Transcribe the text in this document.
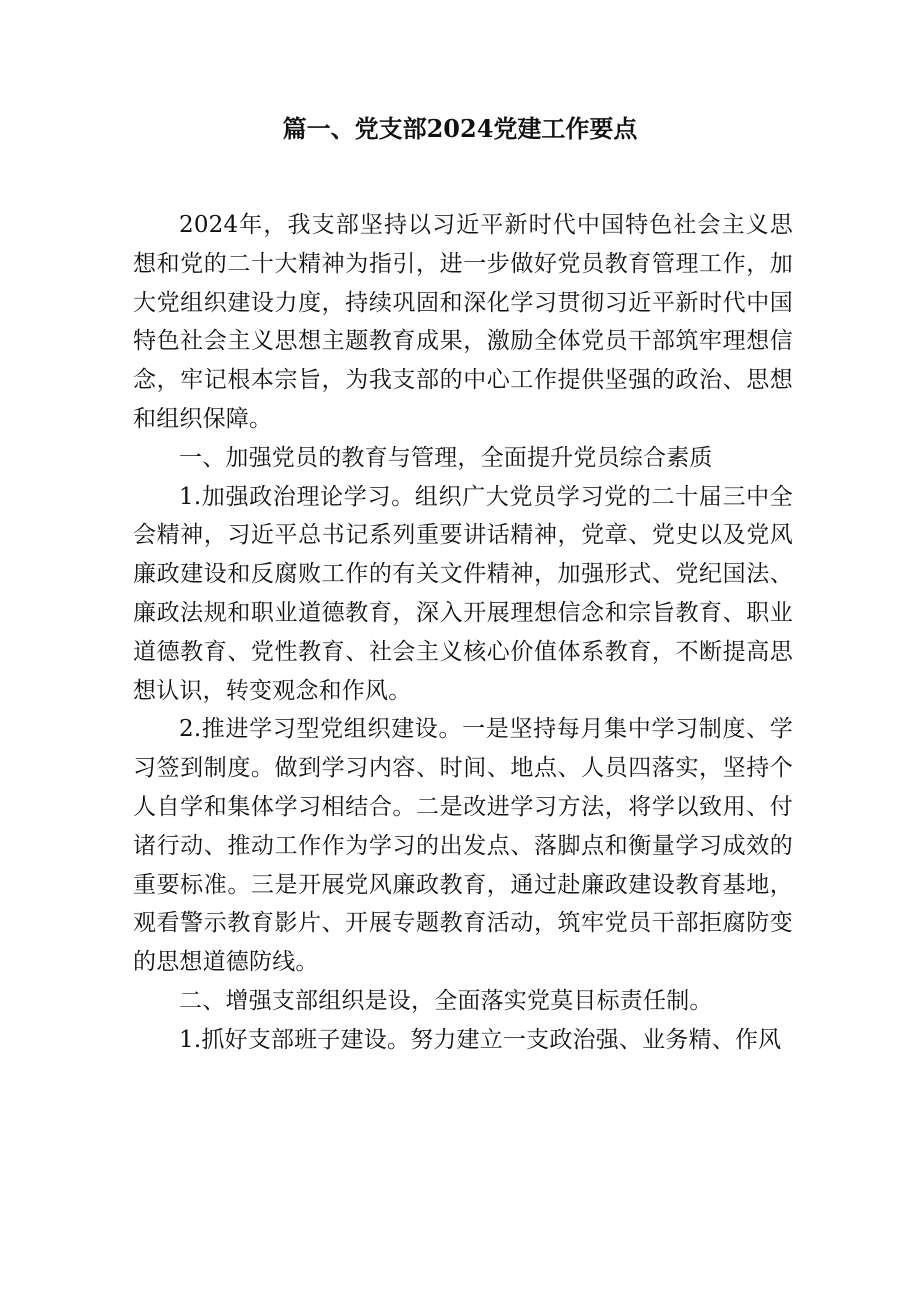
篇一、党支部2024党建工作要点

2024年，我支部坚持以习近平新时代中国特色社会主义思想和党的二十大精神为指引，进一步做好党员教育管理工作，加大党组织建设力度，持续巩固和深化学习贯彻习近平新时代中国特色社会主义思想主题教育成果，激励全体党员干部筑牢理想信念，牢记根本宗旨，为我支部的中心工作提供坚强的政治、思想和组织保障。

一、加强党员的教育与管理，全面提升党员综合素质

1.加强政治理论学习。组织广大党员学习党的二十届三中全会精神，习近平总书记系列重要讲话精神，党章、党史以及党风廉政建设和反腐败工作的有关文件精神，加强形式、党纪国法、廉政法规和职业道德教育，深入开展理想信念和宗旨教育、职业道德教育、党性教育、社会主义核心价值体系教育，不断提高思想认识，转变观念和作风。

2.推进学习型党组织建设。一是坚持每月集中学习制度、学习签到制度。做到学习内容、时间、地点、人员四落实，坚持个人自学和集体学习相结合。二是改进学习方法，将学以致用、付诸行动、推动工作作为学习的出发点、落脚点和衡量学习成效的重要标准。三是开展党风廉政教育，通过赴廉政建设教育基地，观看警示教育影片、开展专题教育活动，筑牢党员干部拒腐防变的思想道德防线。

二、增强支部组织是设，全面落实党莫目标责任制。

1.抓好支部班子建设。努力建立一支政治强、业务精、作风
